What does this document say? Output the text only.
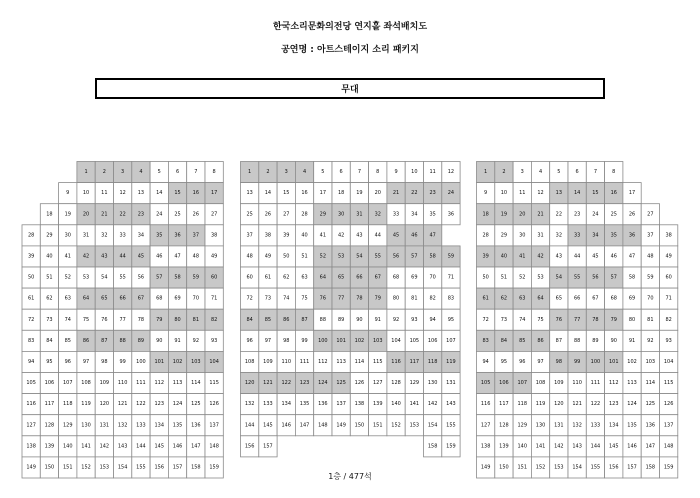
한국소리문화의전당 연지홀 좌석배치도
공연명 : 아트스테이지 소리 패키지
무대
1	2	3	4	5	6	7	8
9	10 11 12 13 14 15 16 17
18 19 20 21 22 23 24 25 26 27
28 29 30 31 32 33 34 35 36 37 38
39 40 41 42 43 44 45 46 47 48 49
50 51 52 53 54 55 56 57 58 59 60
61 62 63 64 65 66 67 68 69 70 71
72 73 74 75 76 77 78 79 80 81 82
83 84 85 86 87 88 89 90 91 92 93
94 95 96 97 98 99 100 101 102 103 104
105 106 107 108 109 110 111 112 113 114 115
116 117 118 119 120 121 122 123 124 125 126
127 128 129 130 131 132 133 134 135 136 137
138 139 140 141 142 143 144 145 146 147 148
149 150 151 152 153 154 155 156 157 158 159
1	2	3	4	5	6	7	8	9	10 11 12
13 14 15 16 17 18 19 20 21 22 23 24
25 26 27 28 29 30 31 32 33 34 35 36
37 38 39 40 41 42 43 44 45 46 47
48 49 50 51 52 53 54 55 56 57 58 59
60 61 62 63 64 65 66 67 68 69 70 71
72 73 74 75 76 77 78 79 80 81 82 83
84 85 86 87 88 89 90 91 92 93 94 95
96 97 98 99 100 101 102 103 104 105 106 107
108 109 110 111 112 113 114 115 116 117 118 119
120 121 122 123 124 125 126 127 128 129 130 131
132 133 134 135 136 137 138 139 140 141 142 143
144 145 146 147 148 149 150 151 152 153 154 155
156 157	158 159
1	2	3	4	5	6	7	8
9	10 11 12 13 14 15 16 17
18 19 20 21 22 23 24 25 26 27
28 29 30 31 32 33 34 35 36 37 38
39 40 41 42 43 44 45 46 47 48 49
50 51 52 53 54 55 56 57 58 59 60
61 62 63 64 65 66 67 68 69 70 71
72 73 74 75 76 77 78 79 80 81 82
83 84 85 86 87 88 89 90 91 92 93
94 95 96 97 98 99 100 101 102 103 104
105 106 107 108 109 110 111 112 113 114 115
116 117 118 119 120 121 122 123 124 125 126
127 128 129 130 131 132 133 134 135 136 137
138 139 140 141 142 143 144 145 146 147 148
149 150 151 152 153 154 155 156 157 158 159
1층 / 477석
